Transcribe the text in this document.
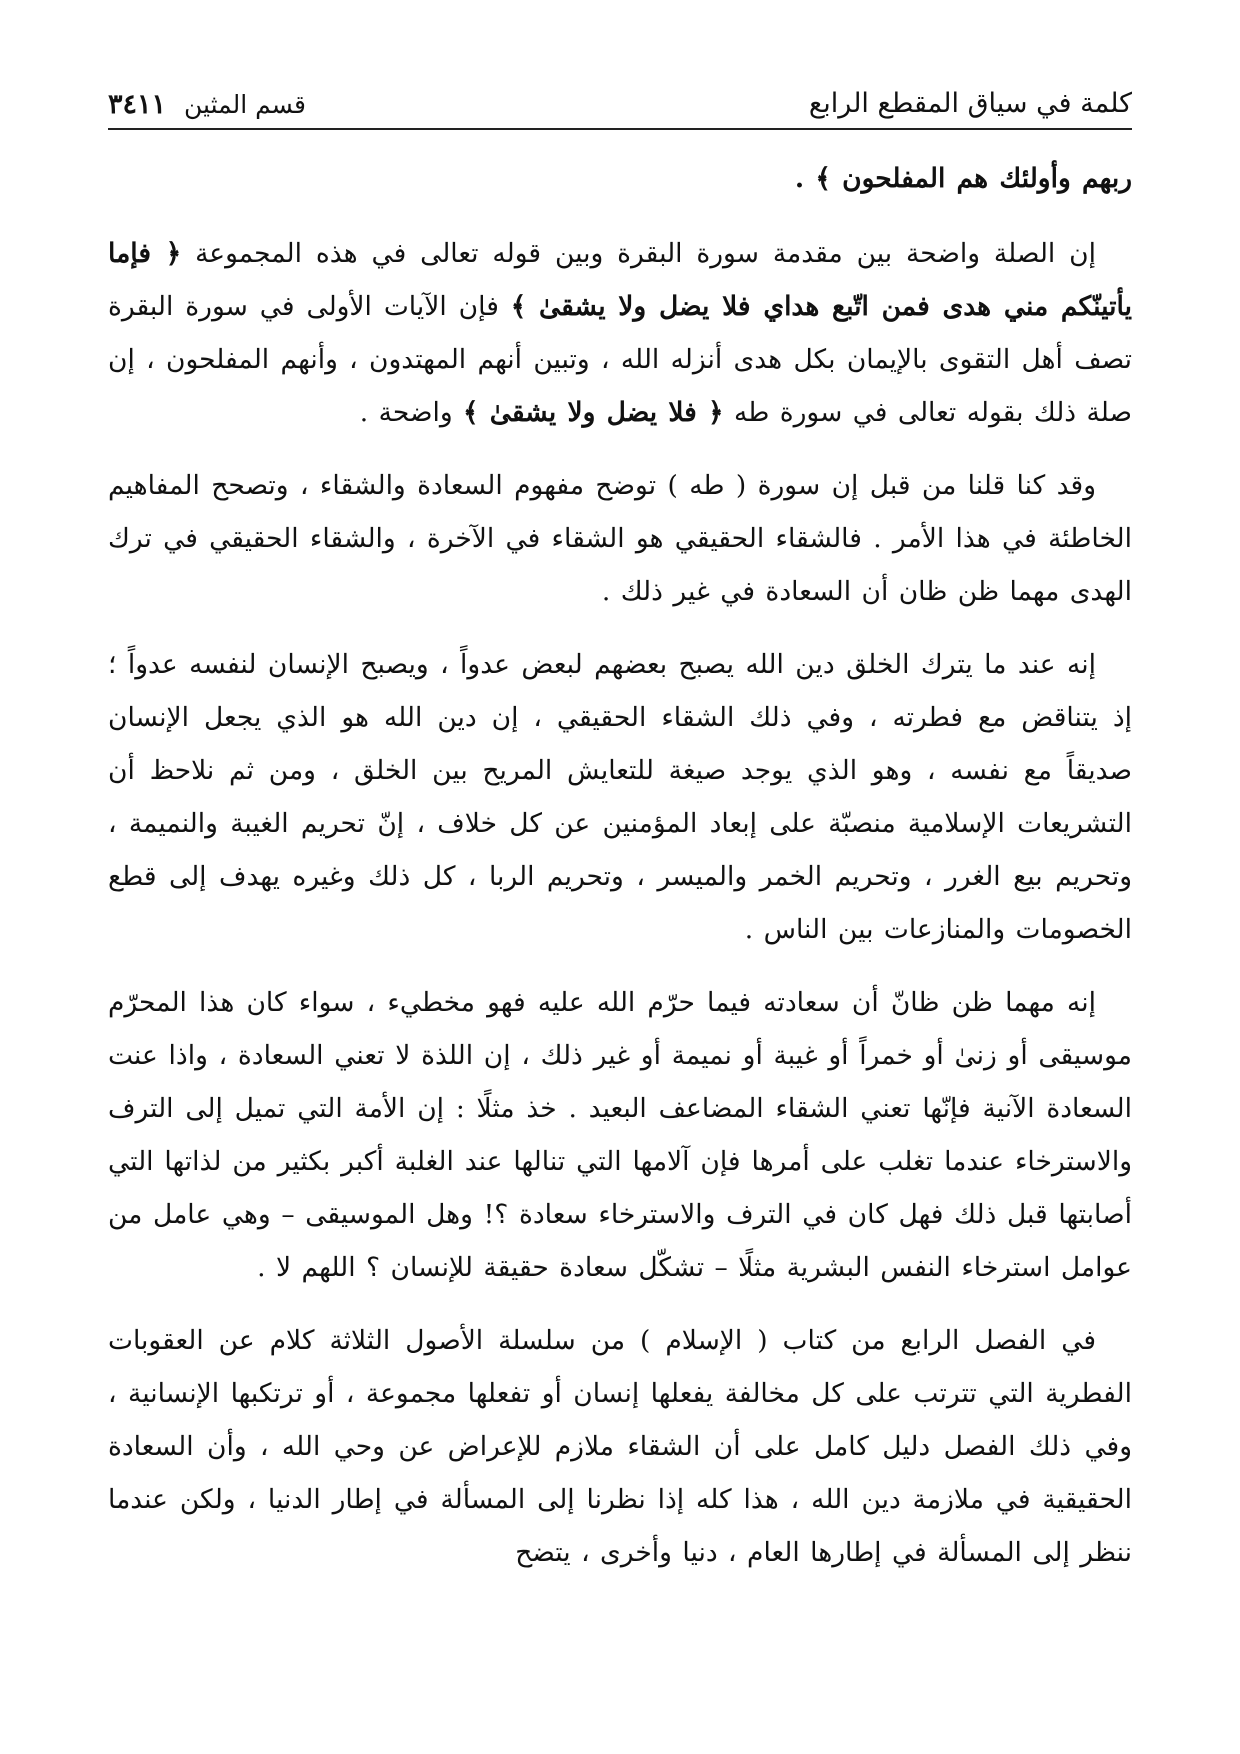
كلمة في سياق المقطع الرابع
قسم المثين
٣٤١١

ربهم وأولئك هم المفلحون ﴾ .

إن الصلة واضحة بين مقدمة سورة البقرة وبين قوله تعالى في هذه المجموعة ﴿ فإما يأتينّكم مني هدى فمن اتّبع هداي فلا يضل ولا يشقىٰ ﴾ فإن الآيات الأولى في سورة البقرة تصف أهل التقوى بالإيمان بكل هدى أنزله الله ، وتبين أنهم المهتدون ، وأنهم المفلحون ، إن صلة ذلك بقوله تعالى في سورة طه ﴿ فلا يضل ولا يشقىٰ ﴾ واضحة .

وقد كنا قلنا من قبل إن سورة ( طه ) توضح مفهوم السعادة والشقاء ، وتصحح المفاهيم الخاطئة في هذا الأمر . فالشقاء الحقيقي هو الشقاء في الآخرة ، والشقاء الحقيقي في ترك الهدى مهما ظن ظان أن السعادة في غير ذلك .

إنه عند ما يترك الخلق دين الله يصبح بعضهم لبعض عدواً ، ويصبح الإنسان لنفسه عدواً ؛ إذ يتناقض مع فطرته ، وفي ذلك الشقاء الحقيقي ، إن دين الله هو الذي يجعل الإنسان صديقاً مع نفسه ، وهو الذي يوجد صيغة للتعايش المريح بين الخلق ، ومن ثم نلاحظ أن التشريعات الإسلامية منصبّة على إبعاد المؤمنين عن كل خلاف ، إنّ تحريم الغيبة والنميمة ، وتحريم بيع الغرر ، وتحريم الخمر والميسر ، وتحريم الربا ، كل ذلك وغيره يهدف إلى قطع الخصومات والمنازعات بين الناس .

إنه مهما ظن ظانّ أن سعادته فيما حرّم الله عليه فهو مخطيء ، سواء كان هذا المحرّم موسيقى أو زنىٰ أو خمراً أو غيبة أو نميمة أو غير ذلك ، إن اللذة لا تعني السعادة ، واذا عنت السعادة الآنية فإنّها تعني الشقاء المضاعف البعيد . خذ مثلًا : إن الأمة التي تميل إلى الترف والاسترخاء عندما تغلب على أمرها فإن آلامها التي تنالها عند الغلبة أكبر بكثير من لذاتها التي أصابتها قبل ذلك فهل كان في الترف والاسترخاء سعادة ؟! وهل الموسيقى – وهي عامل من عوامل استرخاء النفس البشرية مثلًا – تشكّل سعادة حقيقة للإنسان ؟ اللهم لا .

في الفصل الرابع من كتاب ( الإسلام ) من سلسلة الأصول الثلاثة كلام عن العقوبات الفطرية التي تترتب على كل مخالفة يفعلها إنسان أو تفعلها مجموعة ، أو ترتكبها الإنسانية ، وفي ذلك الفصل دليل كامل على أن الشقاء ملازم للإعراض عن وحي الله ، وأن السعادة الحقيقية في ملازمة دين الله ، هذا كله إذا نظرنا إلى المسألة في إطار الدنيا ، ولكن عندما ننظر إلى المسألة في إطارها العام ، دنيا وأخرى ، يتضح
